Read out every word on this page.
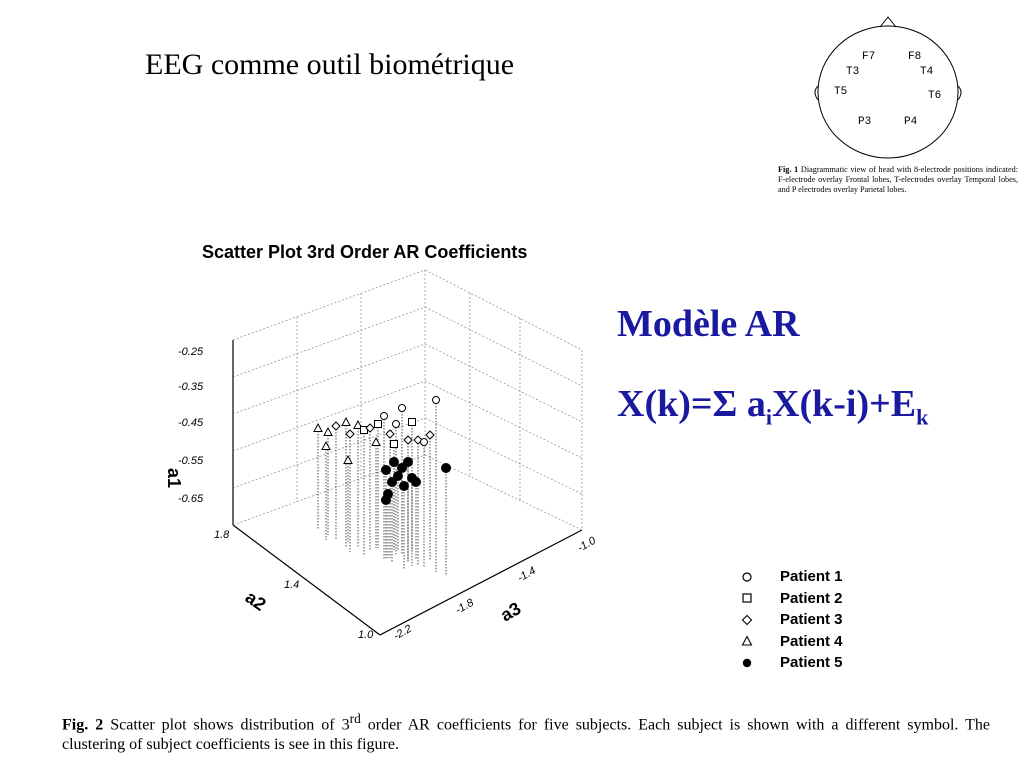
EEG comme outil biométrique	F7	F8
T3	T4
T5	T6
P3	P4
Fig. 1 Diagrammatic view of head with 8-electrode positions indicated: F-electrode overlay Frontal lobes, T-electrodes overlay Temporal lobes, and P electrodes overlay Parietal lobes.
Scatter Plot 3rd Order AR Coefficients
-0.25
-0.35
-0.45
-0.55
-0.65
a1
1.8
1.4
1.0
a2
-1.0
-1.4
-1.8
-2.2
a3
Modèle AR
X(k)=Σ $a_iX(k-i)+E_k$
Patient 1
Patient 2
Patient 3
Patient 4
Patient 5
Fig. 2 Scatter plot shows distribution of 3rd order AR coefficients for five subjects. Each subject is shown with a different symbol. The clustering of subject coefficients is see in this figure.
